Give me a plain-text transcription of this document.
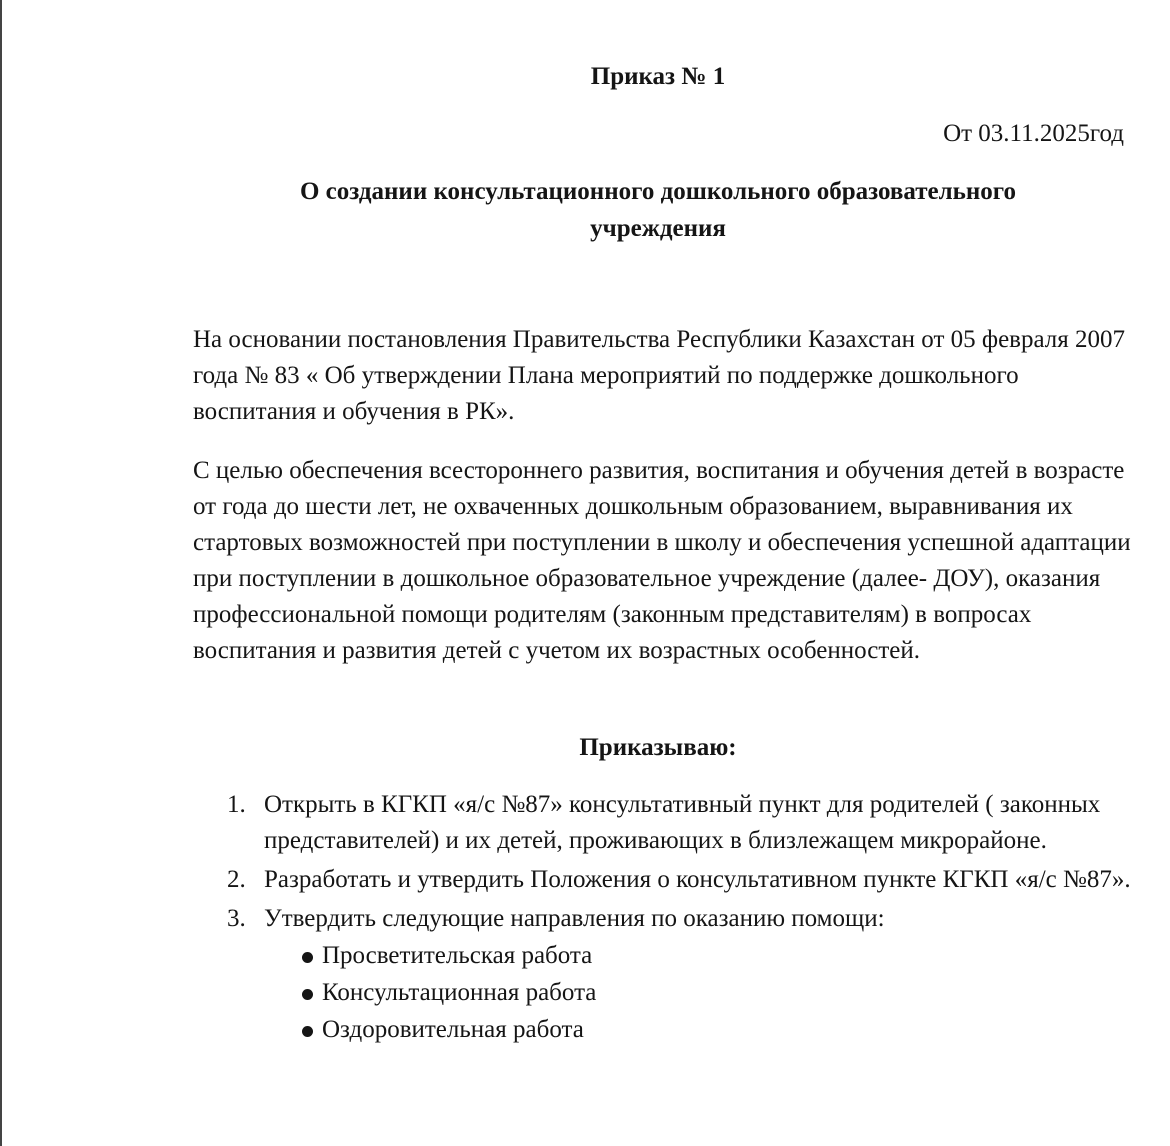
Приказ № 1
От 03.11.2025год
О создании консультационного дошкольного образовательного
учреждения

На основании постановления Правительства Республики Казахстан от 05 февраля 2007 года № 83 « Об утверждении Плана мероприятий по поддержке дошкольного воспитания и обучения в РК».

С целью обеспечения всестороннего развития, воспитания и обучения детей в возрасте от года до шести лет, не охваченных дошкольным образованием, выравнивания их стартовых возможностей при поступлении в школу и обеспечения успешной адаптации при поступлении в дошкольное образовательное учреждение (далее- ДОУ), оказания профессиональной помощи родителям (законным представителям) в вопросах воспитания и развития детей с учетом их возрастных особенностей.

Приказываю:
1. Открыть в КГКП «я/с №87» консультативный пункт для родителей ( законных представителей) и их детей, проживающих в близлежащем микрорайоне.
2. Разработать и утвердить Положения о консультативном пункте КГКП «я/с №87».
3. Утвердить следующие направления по оказанию помощи:
Просветительская работа
Консультационная работа
Оздоровительная работа
